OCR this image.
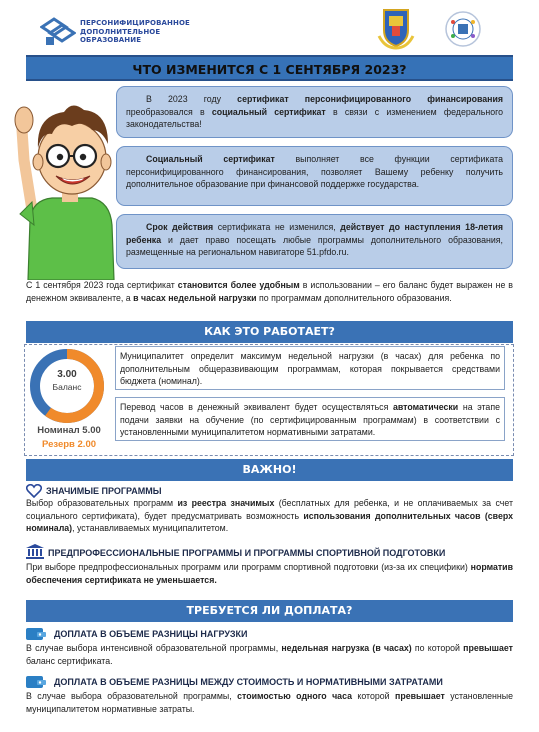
ПЕРСОНИФИЦИРОВАННОЕ
ДОПОЛНИТЕЛЬНОЕ
ОБРАЗОВАНИЕ
ЧТО ИЗМЕНИТСЯ С 1 СЕНТЯБРЯ 2023?
В 2023 году сертификат персонифицированного финансирования преобразовался в социальный сертификат в связи с изменением федерального законодательства!
Социальный сертификат выполняет все функции сертификата персонифицированного финансирования, позволяет Вашему ребенку получить дополнительное образование при финансовой поддержке государства.
Срок действия сертификата не изменился, действует до наступления 18-летия ребенка и дает право посещать любые программы дополнительного образования, размещенные на региональном навигаторе 51.pfdo.ru.
С 1 сентября 2023 года сертификат становится более удобным в использовании – его баланс будет выражен не в денежном эквиваленте, а в часах недельной нагрузки по программам дополнительного образования.
КАК ЭТО РАБОТАЕТ?
3.00
Баланс
Номинал 5.00
Резерв 2.00
Муниципалитет определит максимум недельной нагрузки (в часах) для ребенка по дополнительным общеразвивающим программам, которая покрывается средствами бюджета (номинал).
Перевод часов в денежный эквивалент будет осуществляться автоматически на этапе подачи заявки на обучение (по сертифицированным программам) в соответствии с установленными муниципалитетом нормативными затратами.
ВАЖНО!
ЗНАЧИМЫЕ ПРОГРАММЫ
Выбор образовательных программ из реестра значимых (бесплатных для ребенка, и не оплачиваемых за счет социального сертификата), будет предусматривать возможность использования дополнительных часов (сверх номинала), устанавливаемых муниципалитетом.
ПРЕДПРОФЕССИОНАЛЬНЫЕ ПРОГРАММЫ И ПРОГРАММЫ СПОРТИВНОЙ ПОДГОТОВКИ
При выборе предпрофессиональных программ или программ спортивной подготовки (из-за их специфики) норматив обеспечения сертификата не уменьшается.
ТРЕБУЕТСЯ ЛИ ДОПЛАТА?
ДОПЛАТА В ОБЪЕМЕ РАЗНИЦЫ НАГРУЗКИ
В случае выбора интенсивной образовательной программы, недельная нагрузка (в часах) по которой превышает баланс сертификата.
ДОПЛАТА В ОБЪЕМЕ РАЗНИЦЫ МЕЖДУ СТОИМОСТЬ И НОРМАТИВНЫМИ ЗАТРАТАМИ
В случае выбора образовательной программы, стоимостью одного часа которой превышает установленные муниципалитетом нормативные затраты.
